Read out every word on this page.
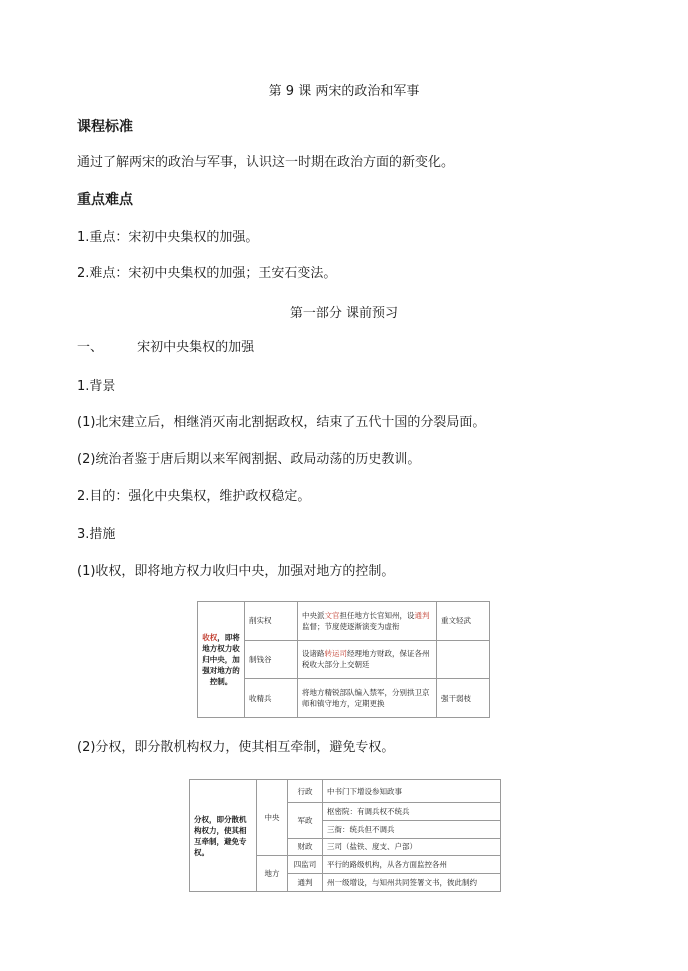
第 9 课 两宋的政治和军事
课程标准
通过了解两宋的政治与军事，认识这一时期在政治方面的新变化。
重点难点
1.重点：宋初中央集权的加强。
2.难点：宋初中央集权的加强；王安石变法。
第一部分 课前预习
一、	宋初中央集权的加强
1.背景
(1)北宋建立后，相继消灭南北割据政权，结束了五代十国的分裂局面。
(2)统治者鉴于唐后期以来军阀割据、政局动荡的历史教训。
2.目的：强化中央集权，维护政权稳定。
3.措施
(1)收权，即将地方权力收归中央，加强对地方的控制。
收权，即将地方权力收归中央，加强对地方的控制。	削实权	中央派文官担任地方长官知州，设通判监督；节度使逐渐演变为虚衔	重文轻武
	制钱谷	设诸路转运司经理地方财政，保证各州税收大部分上交朝廷	
	收精兵	将地方精锐部队编入禁军，分别拱卫京师和镇守地方，定期更换	强干弱枝
(2)分权，即分散机构权力，使其相互牵制，避免专权。
分权，即分散机构权力，使其相互牵制，避免专权。	中央	行政	中书门下增设参知政事
		军政	枢密院：有调兵权不统兵
			三衙：统兵但不调兵
		财政	三司（盐铁、度支、户部）
	地方	四监司	平行的路级机构，从各方面监控各州
		通判	州一级增设，与知州共同签署文书，彼此制约
